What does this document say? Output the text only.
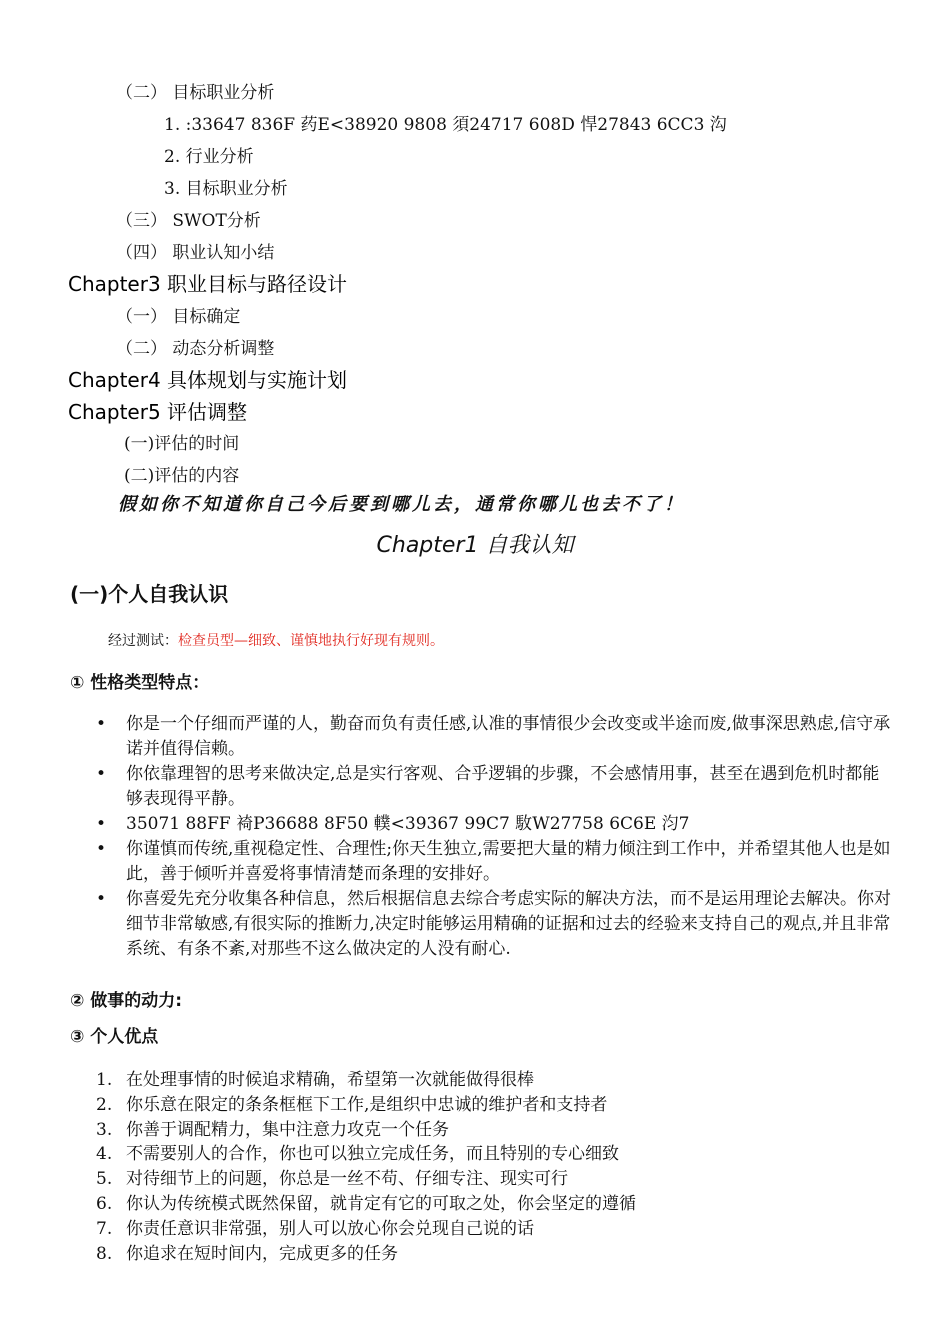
（二） 目标职业分析
1. :33647 836F 药E<38920 9808 須24717 608D 悍27843 6CC3 沟
2. 行业分析
3. 目标职业分析
（三） SWOT分析
（四） 职业认知小结
Chapter3 职业目标与路径设计
（一） 目标确定
（二） 动态分析调整
Chapter4 具体规划与实施计划
Chapter5 评估调整
(一)评估的时间
(二)评估的内容
假如你不知道你自己今后要到哪儿去，通常你哪儿也去不了！
Chapter1 自我认知
(一)个人自我认识
经过测试：检查员型—细致、谨慎地执行好现有规则。
① 性格类型特点：
• 你是一个仔细而严谨的人，勤奋而负有责任感,认准的事情很少会改变或半途而废,做事深思熟虑,信守承诺并值得信赖。
• 你依靠理智的思考来做决定,总是实行客观、合乎逻辑的步骤，不会感情用事，甚至在遇到危机时都能够表现得平静。
• 35071 88FF 裿P36688 8F50 轐<39367 99C7 駇W27758 6C6E 汮7
• 你谨慎而传统,重视稳定性、合理性;你天生独立,需要把大量的精力倾注到工作中，并希望其他人也是如此，善于倾听并喜爱将事情清楚而条理的安排好。
• 你喜爱先充分收集各种信息，然后根据信息去综合考虑实际的解决方法，而不是运用理论去解决。你对细节非常敏感,有很实际的推断力,决定时能够运用精确的证据和过去的经验来支持自己的观点,并且非常系统、有条不紊,对那些不这么做决定的人没有耐心.
② 做事的动力:
③ 个人优点
1. 在处理事情的时候追求精确，希望第一次就能做得很棒
2. 你乐意在限定的条条框框下工作,是组织中忠诚的维护者和支持者
3. 你善于调配精力，集中注意力攻克一个任务
4. 不需要别人的合作，你也可以独立完成任务，而且特别的专心细致
5. 对待细节上的问题，你总是一丝不苟、仔细专注、现实可行
6. 你认为传统模式既然保留，就肯定有它的可取之处，你会坚定的遵循
7. 你责任意识非常强，别人可以放心你会兑现自己说的话
8. 你追求在短时间内，完成更多的任务
